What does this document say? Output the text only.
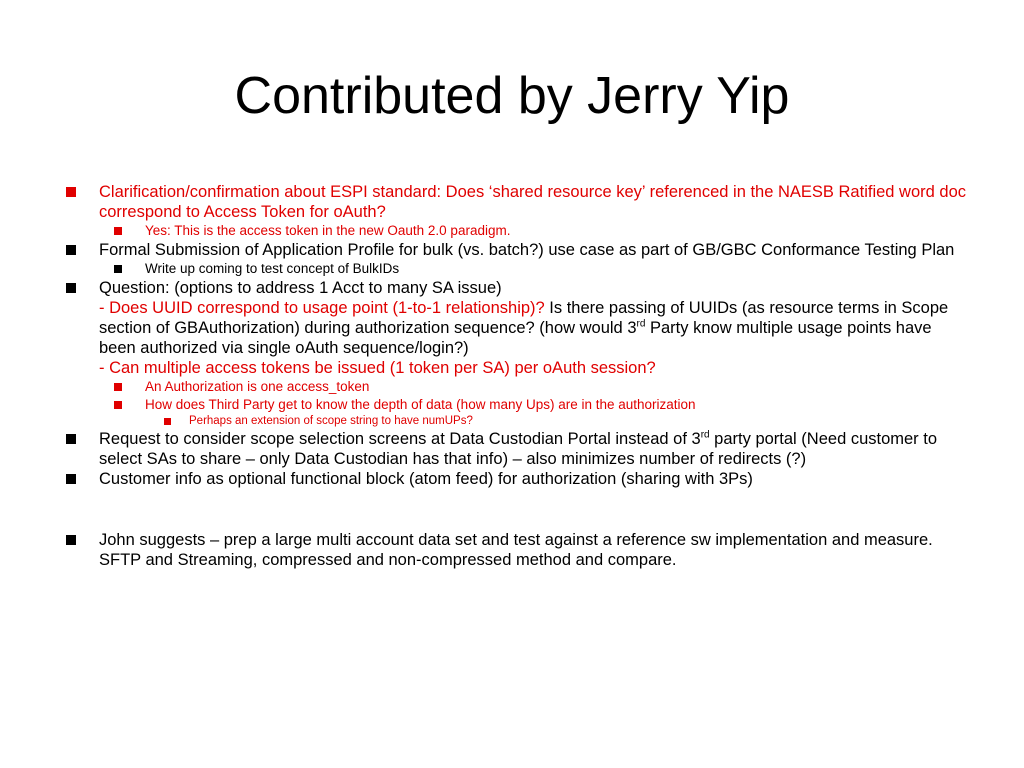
Contributed by Jerry Yip
Clarification/confirmation about ESPI standard: Does ‘shared resource key’ referenced in the NAESB Ratified word doc correspond to Access Token for oAuth?
Yes: This is the access token in the new Oauth 2.0 paradigm.
Formal Submission of Application Profile for bulk (vs. batch?) use case as part of GB/GBC Conformance Testing Plan
Write up coming to test concept of BulkIDs
Question: (options to address 1 Acct to many SA issue)
- Does UUID correspond to usage point (1-to-1 relationship)? Is there passing of UUIDs (as resource terms in Scope section of GBAuthorization) during authorization sequence? (how would 3rd Party know multiple usage points have been authorized via single oAuth sequence/login?)
- Can multiple access tokens be issued (1 token per SA) per oAuth session?
An Authorization is one access_token
How does Third Party get to know the depth of data (how many Ups) are in the authorization
Perhaps an extension of scope string to have numUPs?
Request to consider scope selection screens at Data Custodian Portal instead of 3rd party portal (Need customer to select SAs to share – only Data Custodian has that info) – also minimizes number of redirects (?)
Customer info as optional functional block (atom feed) for authorization (sharing with 3Ps)
John suggests – prep a large multi account data set and test against a reference sw implementation and measure. SFTP and Streaming, compressed and non-compressed method and compare.
